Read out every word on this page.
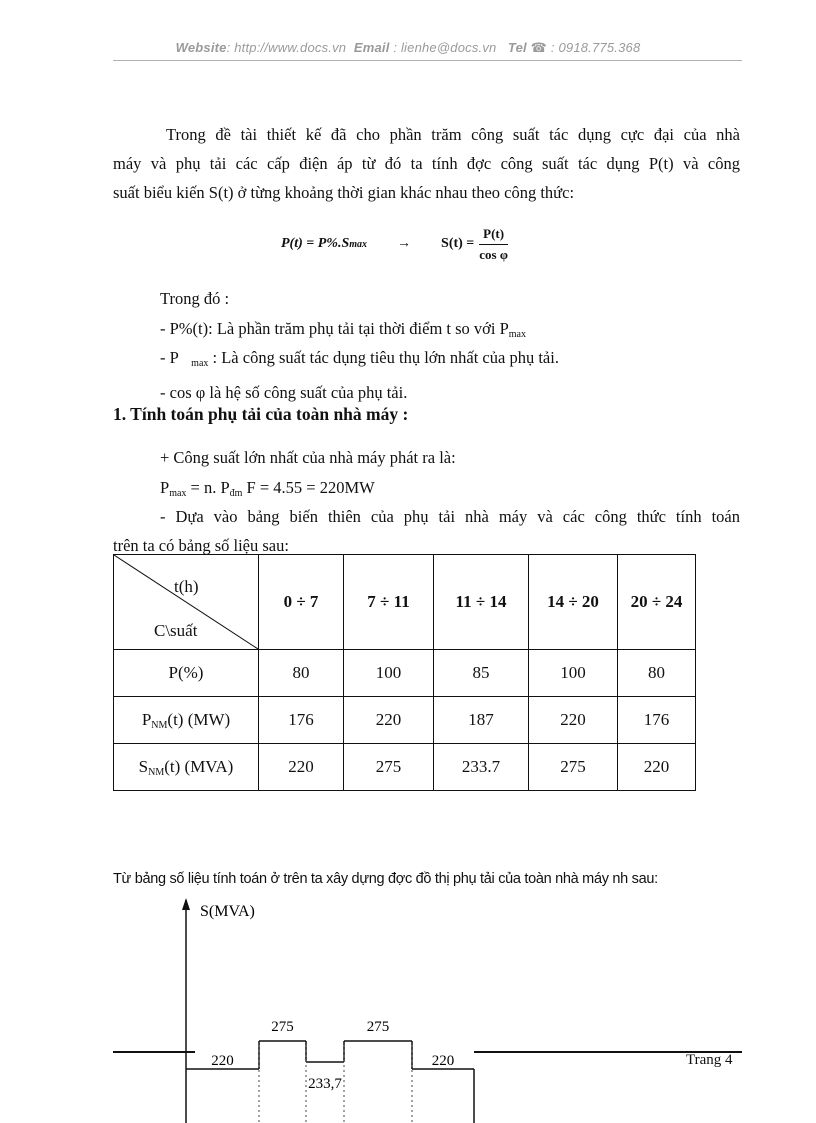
Website: http://www.docs.vn Email : lienhe@docs.vn Tel ☎ : 0918.775.368
Trong đề tài thiết kế đã cho phần trăm công suất tác dụng cực đại của nhà
máy và phụ tải các cấp điện áp từ đó ta tính đợc công suất tác dụng P(t) và công
suất biểu kiến S(t) ở từng khoảng thời gian khác nhau theo công thức:
P(t) = P%.S $\max \to S(t) = \frac{P(t)}{\text{cos φ}}$
Trong đó :
- P%(t): Là phần trăm phụ tải tại thời điểm t so với $P_{max}$
- P $_{max}$ : Là công suất tác dụng tiêu thụ lớn nhất của phụ tải.
- cos φ là hệ số công suất của phụ tải.
1. Tính toán phụ tải của toàn nhà máy :
+ Công suất lớn nhất của nhà máy phát ra là:
$P_{max} = n$. $P_{đm}$ F = 4.55 = 220MW
- Dựa vào bảng biến thiên của phụ tải nhà máy và các công thức tính toán
trên ta có bảng số liệu sau:
t(h)
C\suất	0 ÷ 7	7 ÷ 11	11 ÷ 14	14 ÷ 20	20 ÷ 24
P(%)	80	100	85	100	80
$P_{NM}(t)$ (MW)	176	220	187	220	176
$S_{NM}(t)$ (MVA)	220	275	233.7	275	220
Từ bảng số liệu tính toán ở trên ta xây dựng đợc đồ thị phụ tải của toàn nhà máy nh sau:
S(MVA)
220
275
233,7
275
220	Trang 4
